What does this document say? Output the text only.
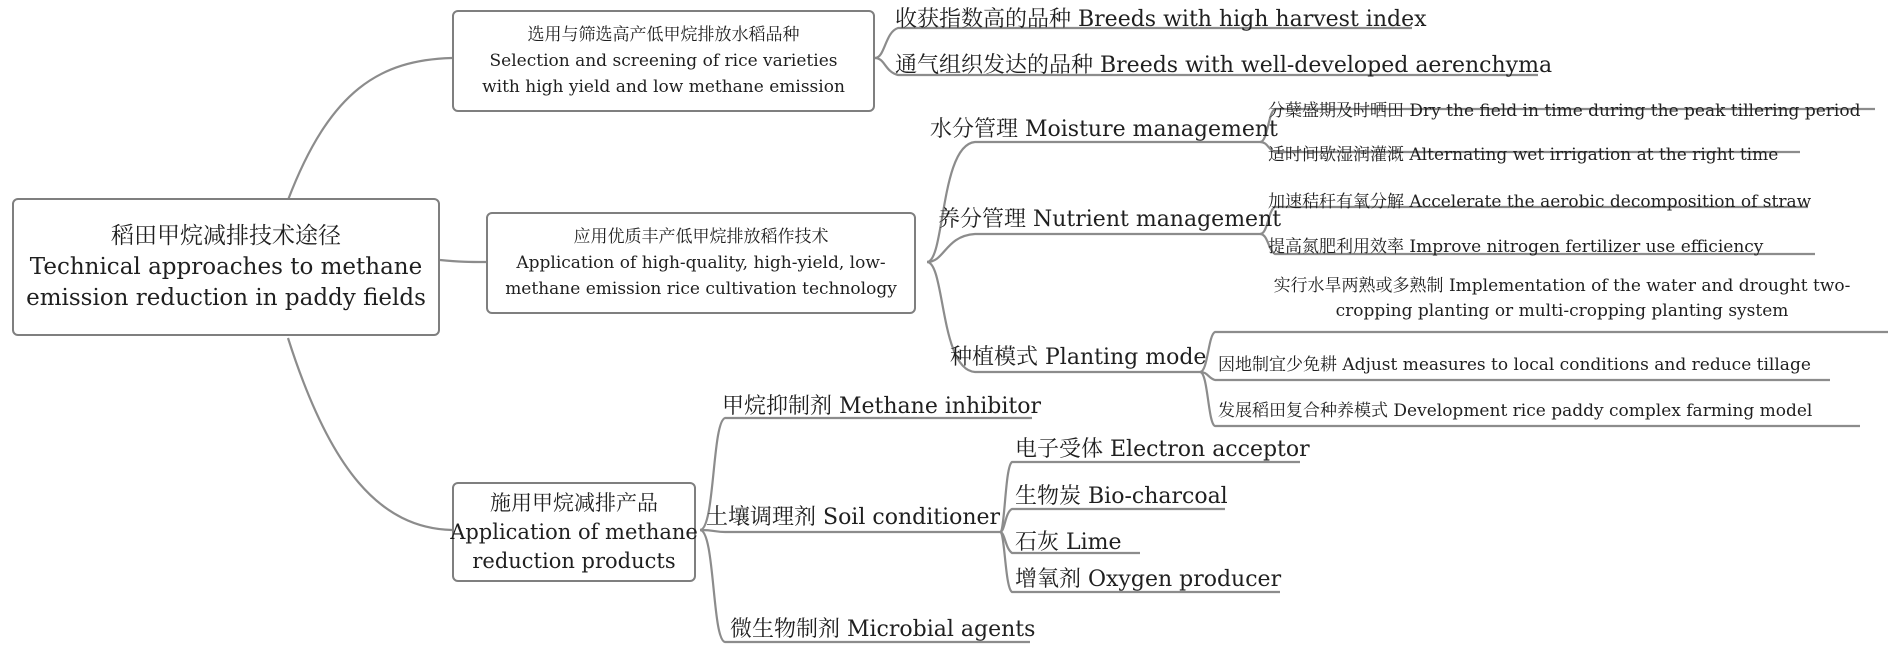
稻田甲烷减排技术途径
Technical approaches to methane
emission reduction in paddy fields
选用与筛选高产低甲烷排放水稻品种
Selection and screening of rice varieties
with high yield and low methane emission
收获指数高的品种 Breeds with high harvest index
通气组织发达的品种 Breeds with well-developed aerenchyma
应用优质丰产低甲烷排放稻作技术
Application of high-quality, high-yield, low-
methane emission rice cultivation technology
水分管理 Moisture management
分蘖盛期及时晒田 Dry the field in time during the peak tillering period
适时间歇湿润灌溉 Alternating wet irrigation at the right time
养分管理 Nutrient management
加速秸秆有氧分解 Accelerate the aerobic decomposition of straw
提高氮肥利用效率 Improve nitrogen fertilizer use efficiency
种植模式 Planting mode
实行水旱两熟或多熟制 Implementation of the water and drought two-
cropping planting or multi-cropping planting system
因地制宜少免耕 Adjust measures to local conditions and reduce tillage
发展稻田复合种养模式 Development rice paddy complex farming model
施用甲烷减排产品
Application of methane
reduction products
甲烷抑制剂 Methane inhibitor
土壤调理剂 Soil conditioner
微生物制剂 Microbial agents
电子受体 Electron acceptor
生物炭 Bio-charcoal
石灰 Lime
增氧剂 Oxygen producer
